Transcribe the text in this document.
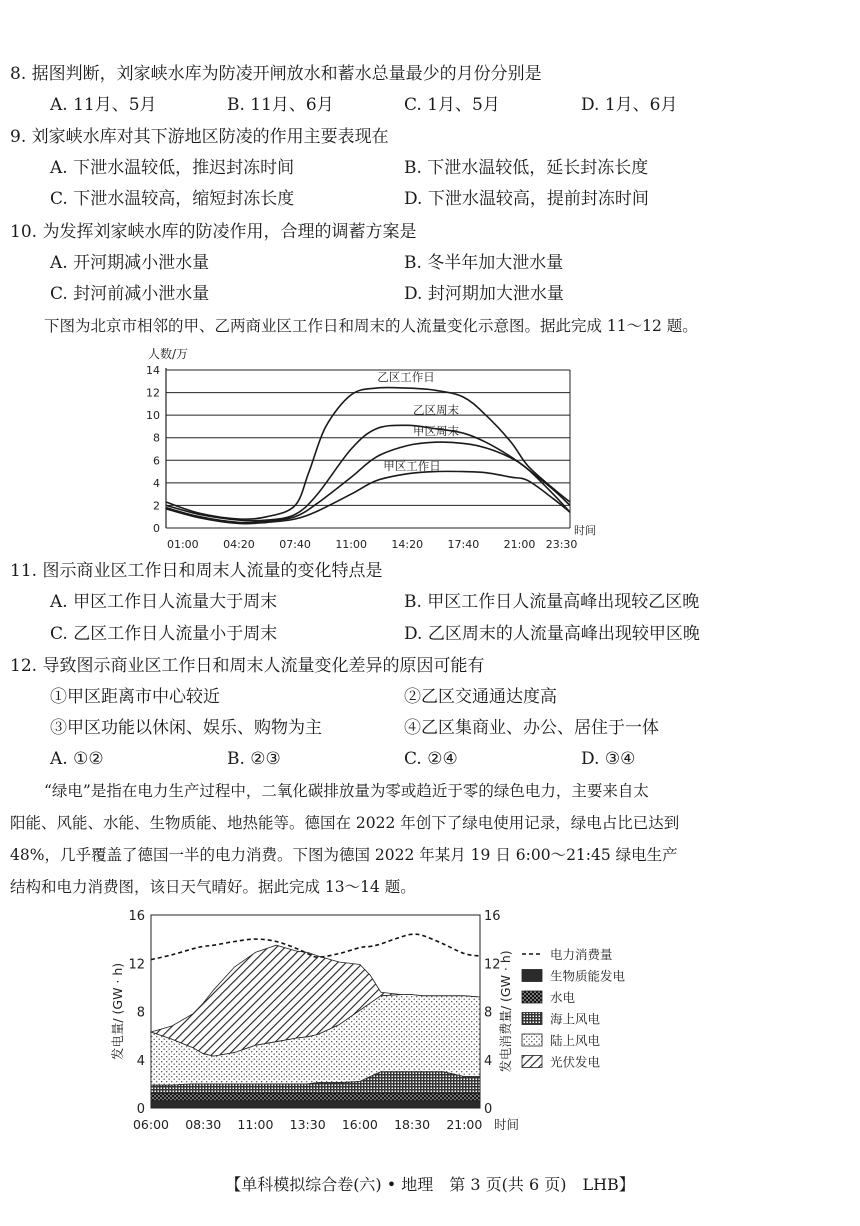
8. 据图判断，刘家峡水库为防凌开闸放水和蓄水总量最少的月份分别是
A. 11月、5月	B. 11月、6月	C. 1月、5月	D. 1月、6月
9. 刘家峡水库对其下游地区防凌的作用主要表现在
A. 下泄水温较低，推迟封冻时间	B. 下泄水温较低，延长封冻长度
C. 下泄水温较高，缩短封冻长度	D. 下泄水温较高，提前封冻时间
10. 为发挥刘家峡水库的防凌作用，合理的调蓄方案是
A. 开河期减小泄水量	B. 冬半年加大泄水量
C. 封河前减小泄水量	D. 封河期加大泄水量
下图为北京市相邻的甲、乙两商业区工作日和周末的人流量变化示意图。据此完成 11～12 题。
0
2
4
6
8
10
12
14
01:00 04:20 07:40 11:00 14:20 17:40 21:00 23:30
人数/万
时间
乙区工作日
乙区周末
甲区周末
甲区工作日
11. 图示商业区工作日和周末人流量的变化特点是
A. 甲区工作日人流量大于周末	B. 甲区工作日人流量高峰出现较乙区晚
C. 乙区工作日人流量小于周末	D. 乙区周末的人流量高峰出现较甲区晚
12. 导致图示商业区工作日和周末人流量变化差异的原因可能有
①甲区距离市中心较近	②乙区交通通达度高
③甲区功能以休闲、娱乐、购物为主	④乙区集商业、办公、居住于一体
A. ①②	B. ②③	C. ②④	D. ③④
“绿电”是指在电力生产过程中，二氧化碳排放量为零或趋近于零的绿色电力，主要来自太
阳能、风能、水能、生物质能、地热能等。德国在 2022 年创下了绿电使用记录，绿电占比已达到
48%，几乎覆盖了德国一半的电力消费。下图为德国 2022 年某月 19 日 6:00～21:45 绿电生产
结构和电力消费图，该日天气晴好。据此完成 13～14 题。
0	0
4	4
8	8
12	12
16	16
06:00 08:30 11:00 13:30 16:00 18:30 21:00 时间
发电量/ (GW · h)	发电消费量/ (GW · h)	电力消费量
生物质能发电
水电
海上风电
陆上风电
光伏发电
【单科模拟综合卷(六) • 地理　第 3 页(共 6 页)　LHB】
